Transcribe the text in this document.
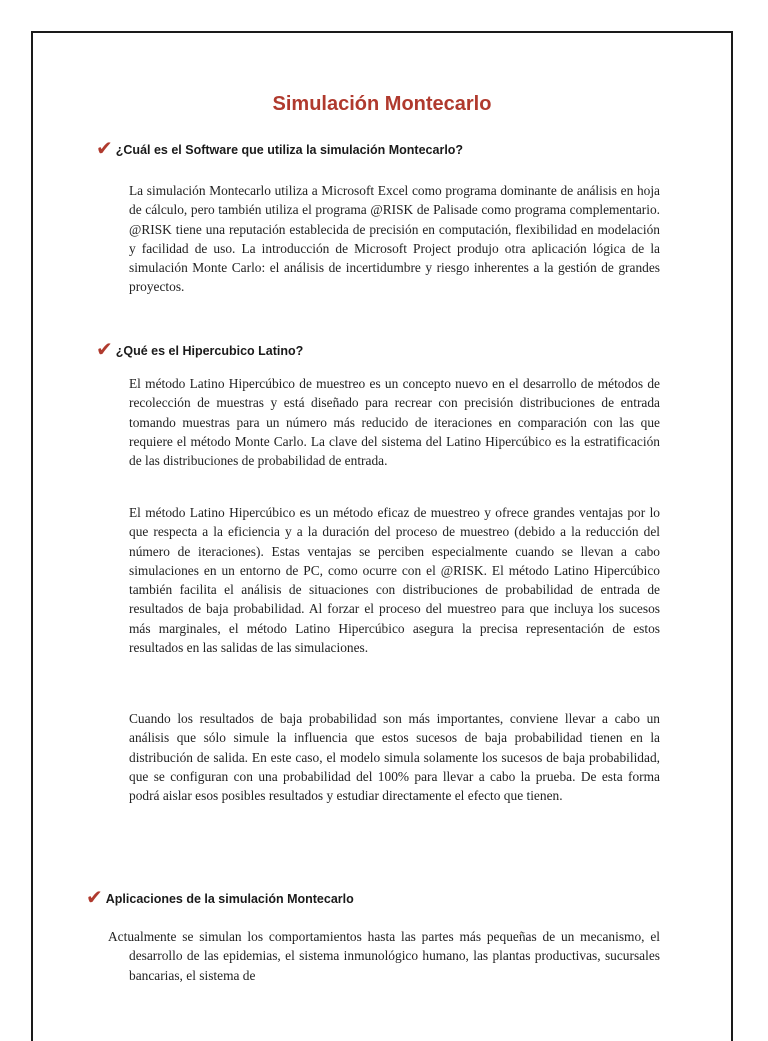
Simulación Montecarlo
✔ ¿Cuál es el Software que utiliza la simulación Montecarlo?

La simulación Montecarlo utiliza a Microsoft Excel como programa dominante de análisis en hoja de cálculo, pero también utiliza el programa @RISK de Palisade como programa complementario. @RISK tiene una reputación establecida de precisión en computación, flexibilidad en modelación y facilidad de uso. La introducción de Microsoft Project produjo otra aplicación lógica de la simulación Monte Carlo: el análisis de incertidumbre y riesgo inherentes a la gestión de grandes proyectos.

✔ ¿Qué es el Hipercubico Latino?

El método Latino Hipercúbico de muestreo es un concepto nuevo en el desarrollo de métodos de recolección de muestras y está diseñado para recrear con precisión distribuciones de entrada tomando muestras para un número más reducido de iteraciones en comparación con las que requiere el método Monte Carlo. La clave del sistema del Latino Hipercúbico es la estratificación de las distribuciones de probabilidad de entrada.

El método Latino Hipercúbico es un método eficaz de muestreo y ofrece grandes ventajas por lo que respecta a la eficiencia y a la duración del proceso de muestreo (debido a la reducción del número de iteraciones). Estas ventajas se perciben especialmente cuando se llevan a cabo simulaciones en un entorno de PC, como ocurre con el @RISK. El método Latino Hipercúbico también facilita el análisis de situaciones con distribuciones de probabilidad de entrada de resultados de baja probabilidad. Al forzar el proceso del muestreo para que incluya los sucesos más marginales, el método Latino Hipercúbico asegura la precisa representación de estos resultados en las salidas de las simulaciones.

Cuando los resultados de baja probabilidad son más importantes, conviene llevar a cabo un análisis que sólo simule la influencia que estos sucesos de baja probabilidad tienen en la distribución de salida. En este caso, el modelo simula solamente los sucesos de baja probabilidad, que se configuran con una probabilidad del 100% para llevar a cabo la prueba. De esta forma podrá aislar esos posibles resultados y estudiar directamente el efecto que tienen.

✔ Aplicaciones de la simulación Montecarlo

Actualmente se simulan los comportamientos hasta las partes más pequeñas de un mecanismo, el desarrollo de las epidemias, el sistema inmunológico humano, las plantas productivas, sucursales bancarias, el sistema de
